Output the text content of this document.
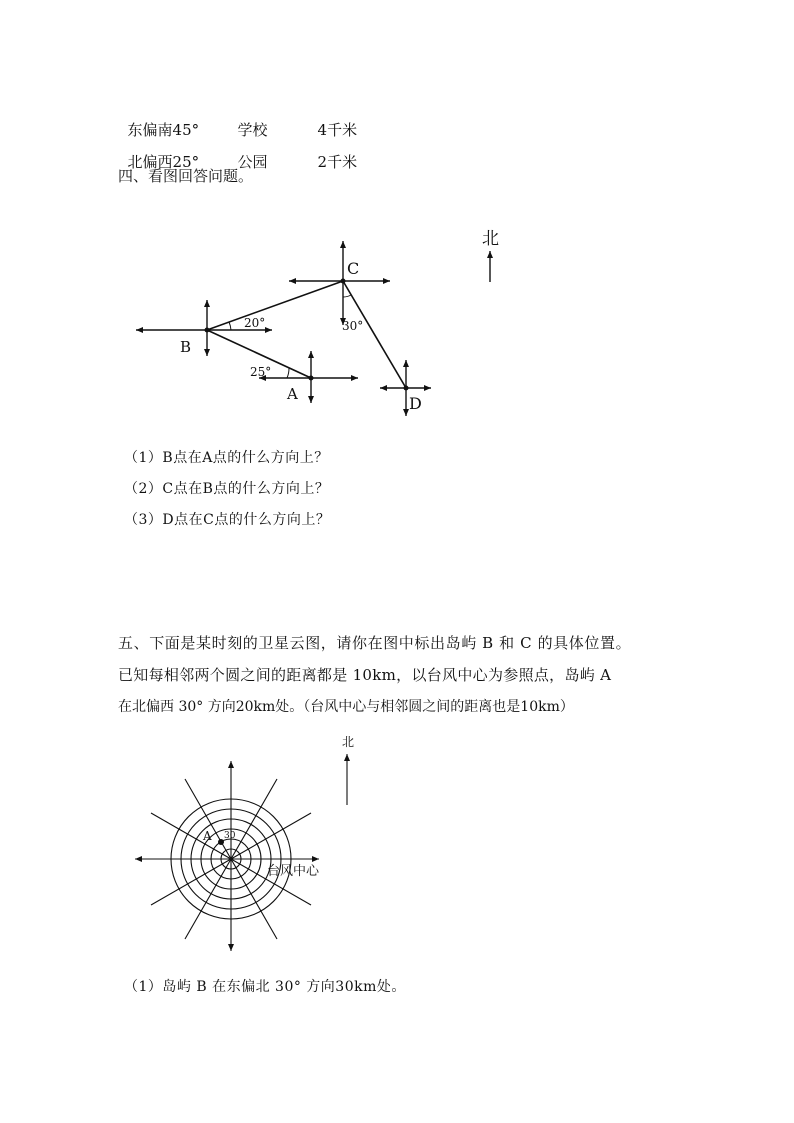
东偏南45°	学校	4千米

北偏西25°	公园	2千米

四、看图回答问题。
北
B
C
A	D
20°
25°
30°
（1）B点在A点的什么方向上？
（2）C点在B点的什么方向上？
（3）D点在C点的什么方向上？
五、下面是某时刻的卫星云图，请你在图中标出岛屿 B 和 C 的具体位置。
已知每相邻两个圆之间的距离都是 10km，以台风中心为参照点，岛屿 A
在北偏西 30° 方向20km处。（台风中心与相邻圆之间的距离也是10km）
北
A 30
台风中心
（1）岛屿 B 在东偏北 30° 方向30km处。
